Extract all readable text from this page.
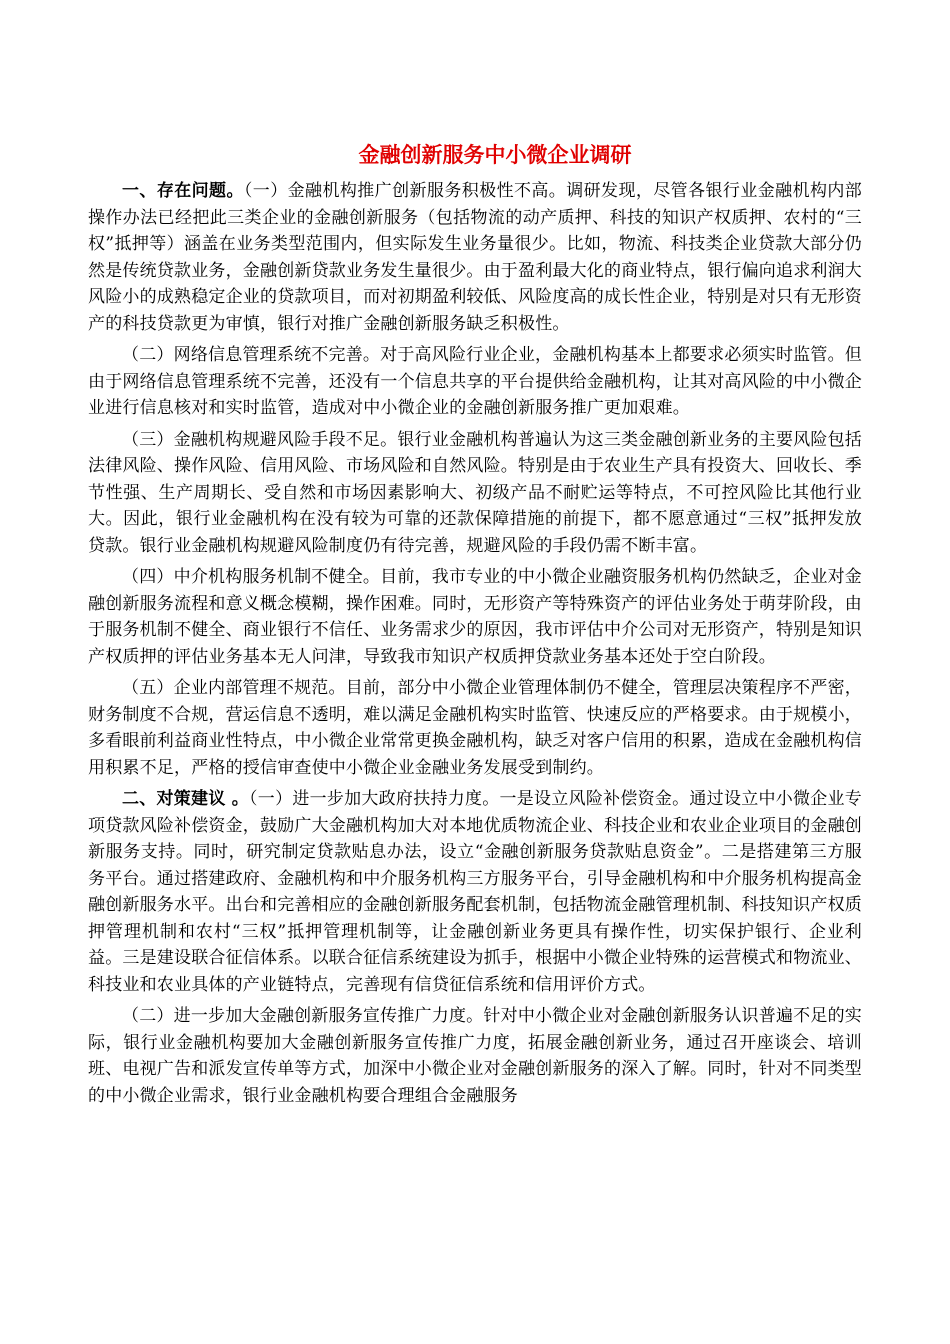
金融创新服务中小微企业调研

一、存在问题。（一）金融机构推广创新服务积极性不高。调研发现，尽管各银行业金融机构内部操作办法已经把此三类企业的金融创新服务（包括物流的动产质押、科技的知识产权质押、农村的“三权”抵押等）涵盖在业务类型范围内，但实际发生业务量很少。比如，物流、科技类企业贷款大部分仍然是传统贷款业务，金融创新贷款业务发生量很少。由于盈利最大化的商业特点，银行偏向追求利润大风险小的成熟稳定企业的贷款项目，而对初期盈利较低、风险度高的成长性企业，特别是对只有无形资产的科技贷款更为审慎，银行对推广金融创新服务缺乏积极性。

（二）网络信息管理系统不完善。对于高风险行业企业，金融机构基本上都要求必须实时监管。但由于网络信息管理系统不完善，还没有一个信息共享的平台提供给金融机构，让其对高风险的中小微企业进行信息核对和实时监管，造成对中小微企业的金融创新服务推广更加艰难。

（三）金融机构规避风险手段不足。银行业金融机构普遍认为这三类金融创新业务的主要风险包括法律风险、操作风险、信用风险、市场风险和自然风险。特别是由于农业生产具有投资大、回收长、季节性强、生产周期长、受自然和市场因素影响大、初级产品不耐贮运等特点，不可控风险比其他行业大。因此，银行业金融机构在没有较为可靠的还款保障措施的前提下，都不愿意通过“三权”抵押发放贷款。银行业金融机构规避风险制度仍有待完善，规避风险的手段仍需不断丰富。

（四）中介机构服务机制不健全。目前，我市专业的中小微企业融资服务机构仍然缺乏，企业对金融创新服务流程和意义概念模糊，操作困难。同时，无形资产等特殊资产的评估业务处于萌芽阶段，由于服务机制不健全、商业银行不信任、业务需求少的原因，我市评估中介公司对无形资产，特别是知识产权质押的评估业务基本无人问津，导致我市知识产权质押贷款业务基本还处于空白阶段。

（五）企业内部管理不规范。目前，部分中小微企业管理体制仍不健全，管理层决策程序不严密，财务制度不合规，营运信息不透明，难以满足金融机构实时监管、快速反应的严格要求。由于规模小，多看眼前利益商业性特点，中小微企业常常更换金融机构，缺乏对客户信用的积累，造成在金融机构信用积累不足，严格的授信审查使中小微企业金融业务发展受到制约。

二、对策建议 。（一）进一步加大政府扶持力度。一是设立风险补偿资金。通过设立中小微企业专项贷款风险补偿资金，鼓励广大金融机构加大对本地优质物流企业、科技企业和农业企业项目的金融创新服务支持。同时，研究制定贷款贴息办法，设立“金融创新服务贷款贴息资金”。二是搭建第三方服务平台。通过搭建政府、金融机构和中介服务机构三方服务平台，引导金融机构和中介服务机构提高金融创新服务水平。出台和完善相应的金融创新服务配套机制，包括物流金融管理机制、科技知识产权质押管理机制和农村“三权”抵押管理机制等，让金融创新业务更具有操作性，切实保护银行、企业利益。三是建设联合征信体系。以联合征信系统建设为抓手，根据中小微企业特殊的运营模式和物流业、科技业和农业具体的产业链特点，完善现有信贷征信系统和信用评价方式。

（二）进一步加大金融创新服务宣传推广力度。针对中小微企业对金融创新服务认识普遍不足的实际，银行业金融机构要加大金融创新服务宣传推广力度，拓展金融创新业务，通过召开座谈会、培训班、电视广告和派发宣传单等方式，加深中小微企业对金融创新服务的深入了解。同时，针对不同类型的中小微企业需求，银行业金融机构要合理组合金融服务
